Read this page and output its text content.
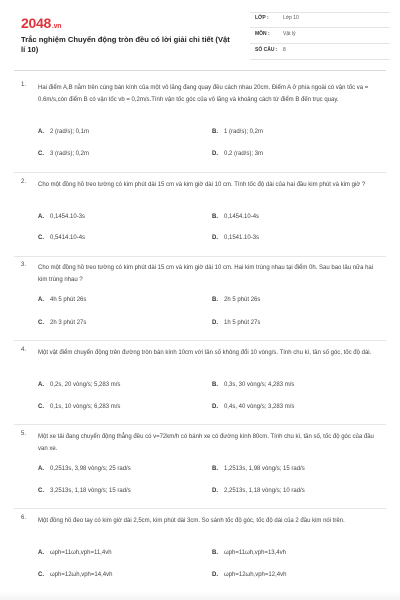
2048.vn
Trắc nghiệm Chuyển động tròn đều có lời giải chi tiết (Vật lí 10)
LỚP :	Lớp 10
MÔN :	Vật lý
SỐ CÂU : 8
1. Hai điểm A,B nằm trên cùng bán kính của một vô lăng đang quay đều cách nhau 20cm. Điểm A ở phía ngoài có vận tốc va = 0.6m/s,còn điểm B có vận tốc vb = 0,2m/s.Tính vận tốc góc của vô lăng và khoảng cách từ điểm B đến trục quay.
A. 2 (rad/s); 0,1m	B. 1 (rad/s); 0,2m
C. 3 (rad/s); 0,2m	D. 0,2 (rad/s); 3m
2. Cho một đồng hồ treo tường có kim phút dài 15 cm và kim giờ dài 10 cm. Tính tốc độ dài của hai đầu kim phút và kim giờ ?
A. 0,1454.10-3s	B. 0,1454.10-4s
C. 0,5414.10-4s	D. 0,1541.10-3s
3. Cho một đồng hồ treo tường có kim phút dài 15 cm và kim giờ dài 10 cm. Hai kim trùng nhau tại điểm 0h. Sau bao lâu nữa hai kim trùng nhau ?
A. 4h 5 phút 26s	B. 2h 5 phút 26s
C. 2h 3 phút 27s	D. 1h 5 phút 27s
4. Một vật điểm chuyển động trên đường tròn bán kính 10cm với tần số không đổi 10 vòng/s. Tính chu kì, tần số góc, tốc độ dài.
A. 0,2s, 20 vòng/s; 5,283 m/s	B. 0,3s, 30 vòng/s; 4,283 m/s
C. 0,1s, 10 vòng/s; 6,283 m/s	D. 0,4s, 40 vòng/s; 3,283 m/s
5. Một xe tải đang chuyển động thẳng đều có v=72km/h có bánh xe có đường kính 80cm. Tính chu kì, tần số, tốc độ góc của đầu van xe.
A. 0,2513s, 3,98 vòng/s; 25 rad/s	B. 1,2513s, 1,98 vòng/s; 15 rad/s
C. 3,2513s, 1,18 vòng/s; 15 rad/s	D. 2,2513s, 1,18 vòng/s; 10 rad/s
6. Một đồng hồ đeo tay có kim giờ dài 2,5cm, kim phút dài 3cm. So sánh tốc độ góc, tốc độ dài của 2 đầu kim nói trên.
A. ωph=11ωh,vph=11,4vh	B. ωph=11ωh,vph=13,4vh
C. ωph=12ωh,vph=14,4vh	D. ωph=12ωh,vph=12,4vh
